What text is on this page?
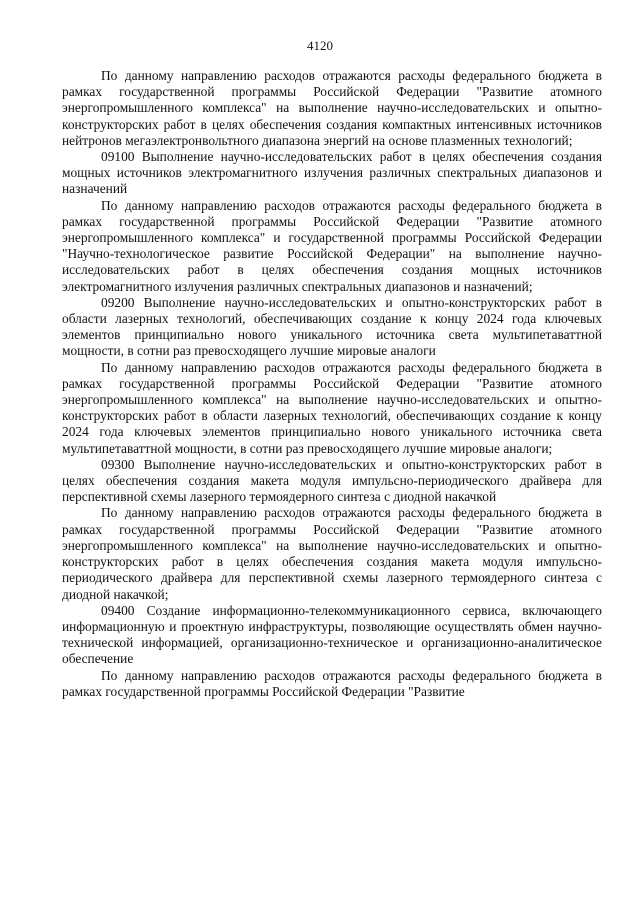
4120

По данному направлению расходов отражаются расходы федерального бюджета в рамках государственной программы Российской Федерации "Развитие атомного энергопромышленного комплекса" на выполнение научно-исследовательских и опытно-конструкторских работ в целях обеспечения создания компактных интенсивных источников нейтронов мегаэлектронвольтного диапазона энергий на основе плазменных технологий;

09100 Выполнение научно-исследовательских работ в целях обеспечения создания мощных источников электромагнитного излучения различных спектральных диапазонов и назначений

По данному направлению расходов отражаются расходы федерального бюджета в рамках государственной программы Российской Федерации "Развитие атомного энергопромышленного комплекса" и государственной программы Российской Федерации "Научно-технологическое развитие Российской Федерации" на выполнение научно-исследовательских работ в целях обеспечения создания мощных источников электромагнитного излучения различных спектральных диапазонов и назначений;

09200 Выполнение научно-исследовательских и опытно-конструкторских работ в области лазерных технологий, обеспечивающих создание к концу 2024 года ключевых элементов принципиально нового уникального источника света мультипетаваттной мощности, в сотни раз превосходящего лучшие мировые аналоги

По данному направлению расходов отражаются расходы федерального бюджета в рамках государственной программы Российской Федерации "Развитие атомного энергопромышленного комплекса" на выполнение научно-исследовательских и опытно-конструкторских работ в области лазерных технологий, обеспечивающих создание к концу 2024 года ключевых элементов принципиально нового уникального источника света мультипетаваттной мощности, в сотни раз превосходящего лучшие мировые аналоги;

09300 Выполнение научно-исследовательских и опытно-конструкторских работ в целях обеспечения создания макета модуля импульсно-периодического драйвера для перспективной схемы лазерного термоядерного синтеза с диодной накачкой

По данному направлению расходов отражаются расходы федерального бюджета в рамках государственной программы Российской Федерации "Развитие атомного энергопромышленного комплекса" на выполнение научно-исследовательских и опытно-конструкторских работ в целях обеспечения создания макета модуля импульсно-периодического драйвера для перспективной схемы лазерного термоядерного синтеза с диодной накачкой;

09400 Создание информационно-телекоммуникационного сервиса, включающего информационную и проектную инфраструктуры, позволяющие осуществлять обмен научно-технической информацией, организационно-техническое и организационно-аналитическое обеспечение

По данному направлению расходов отражаются расходы федерального бюджета в рамках государственной программы Российской Федерации "Развитие
